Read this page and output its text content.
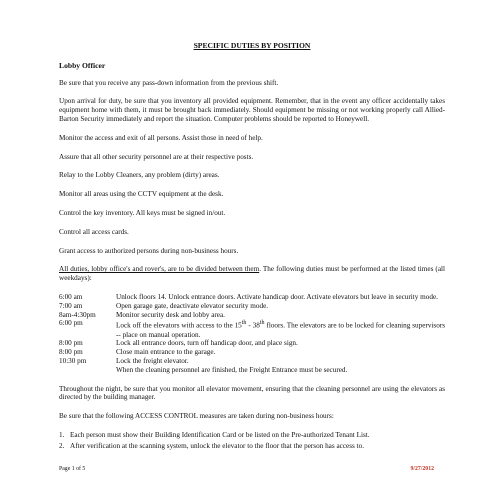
SPECIFIC DUTIES BY POSITION
Lobby Officer

Be sure that you receive any pass-down information from the previous shift.

Upon arrival for duty, be sure that you inventory all provided equipment. Remember, that in the event any officer accidentally takes equipment home with them, it must be brought back immediately. Should equipment be missing or not working properly call Allied-Barton Security immediately and report the situation. Computer problems should be reported to Honeywell.

Monitor the access and exit of all persons. Assist those in need of help.

Assure that all other security personnel are at their respective posts.

Relay to the Lobby Cleaners, any problem (dirty) areas.

Monitor all areas using the CCTV equipment at the desk.

Control the key inventory. All keys must be signed in/out.

Control all access cards.

Grant access to authorized persons during non-business hours.

All duties, lobby office's and rover's, are to be divided between them. The following duties must be performed at the listed times (all weekdays):

6:00 am	Unlock floors 14. Unlock entrance doors. Activate handicap door. Activate elevators but leave in security mode.
7:00 am	Open garage gate, deactivate elevator security mode.
8am-4:30pm	Monitor security desk and lobby area.
6:00 pm	Lock off the elevators with access to the 15th - 38th floors. The elevators are to be locked for cleaning supervisors -- place on manual operation.
8:00 pm	Lock all entrance doors, turn off handicap door, and place sign.
8:00 pm	Close main entrance to the garage.
10:30 pm	Lock the freight elevator.
When the cleaning personnel are finished, the Freight Entrance must be secured.

Throughout the night, be sure that you monitor all elevator movement, ensuring that the cleaning personnel are using the elevators as directed by the building manager.

Be sure that the following ACCESS CONTROL measures are taken during non-business hours:

1. Each person must show their Building Identification Card or be listed on the Pre-authorized Tenant List.
2. After verification at the scanning system, unlock the elevator to the floor that the person has access to.
Page 1 of 5	9/27/2012
